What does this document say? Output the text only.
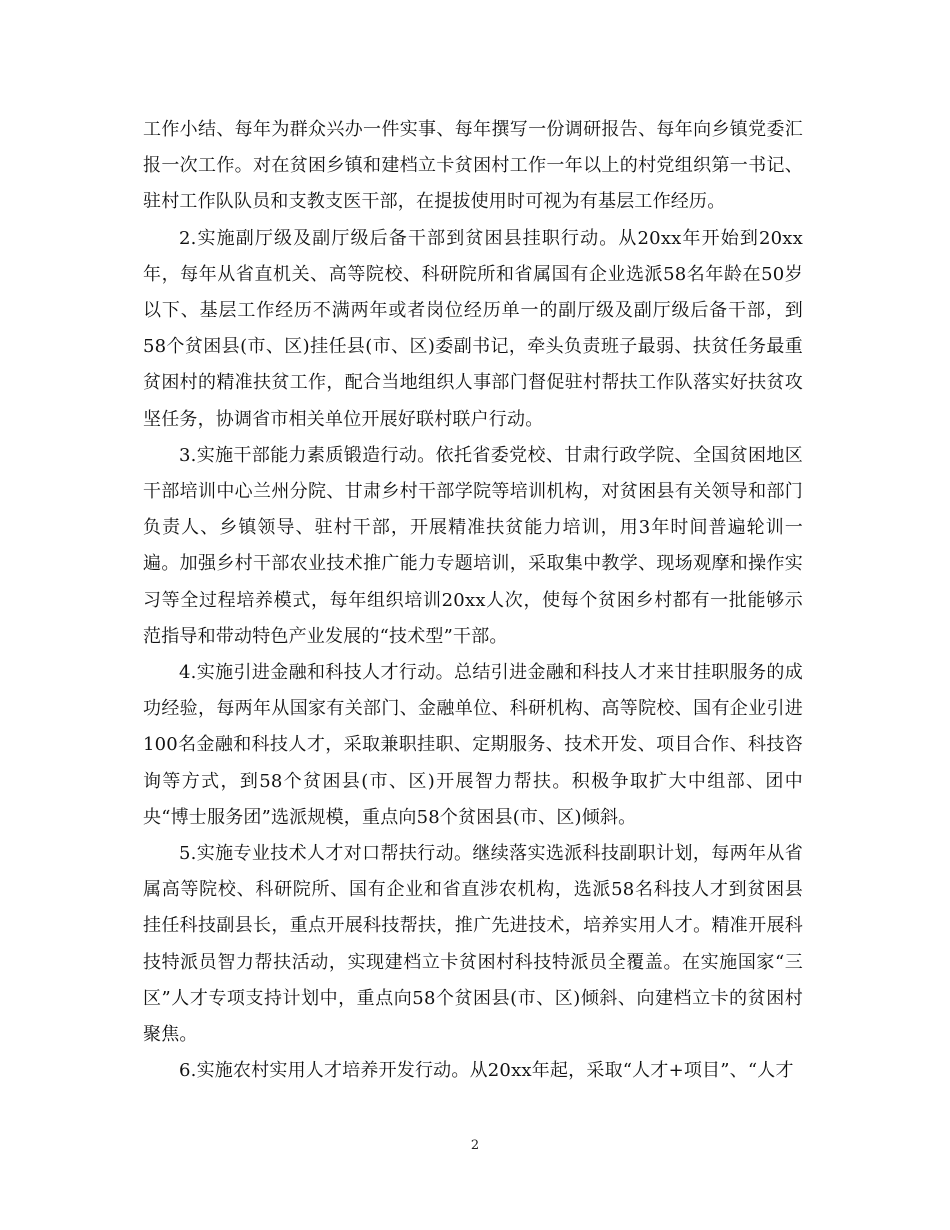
工作小结、每年为群众兴办一件实事、每年撰写一份调研报告、每年向乡镇党委汇报一次工作。对在贫困乡镇和建档立卡贫困村工作一年以上的村党组织第一书记、驻村工作队队员和支教支医干部，在提拔使用时可视为有基层工作经历。

2.实施副厅级及副厅级后备干部到贫困县挂职行动。从20xx年开始到20xx年，每年从省直机关、高等院校、科研院所和省属国有企业选派58名年龄在50岁以下、基层工作经历不满两年或者岗位经历单一的副厅级及副厅级后备干部，到58个贫困县(市、区)挂任县(市、区)委副书记，牵头负责班子最弱、扶贫任务最重贫困村的精准扶贫工作，配合当地组织人事部门督促驻村帮扶工作队落实好扶贫攻坚任务，协调省市相关单位开展好联村联户行动。

3.实施干部能力素质锻造行动。依托省委党校、甘肃行政学院、全国贫困地区干部培训中心兰州分院、甘肃乡村干部学院等培训机构，对贫困县有关领导和部门负责人、乡镇领导、驻村干部，开展精准扶贫能力培训，用3年时间普遍轮训一遍。加强乡村干部农业技术推广能力专题培训，采取集中教学、现场观摩和操作实习等全过程培养模式，每年组织培训20xx人次，使每个贫困乡村都有一批能够示范指导和带动特色产业发展的“技术型”干部。

4.实施引进金融和科技人才行动。总结引进金融和科技人才来甘挂职服务的成功经验，每两年从国家有关部门、金融单位、科研机构、高等院校、国有企业引进100名金融和科技人才，采取兼职挂职、定期服务、技术开发、项目合作、科技咨询等方式，到58个贫困县(市、区)开展智力帮扶。积极争取扩大中组部、团中央“博士服务团”选派规模，重点向58个贫困县(市、区)倾斜。

5.实施专业技术人才对口帮扶行动。继续落实选派科技副职计划，每两年从省属高等院校、科研院所、国有企业和省直涉农机构，选派58名科技人才到贫困县挂任科技副县长，重点开展科技帮扶，推广先进技术，培养实用人才。精准开展科技特派员智力帮扶活动，实现建档立卡贫困村科技特派员全覆盖。在实施国家“三区”人才专项支持计划中，重点向58个贫困县(市、区)倾斜、向建档立卡的贫困村聚焦。

6.实施农村实用人才培养开发行动。从20xx年起，采取“人才+项目”、“人才

2
